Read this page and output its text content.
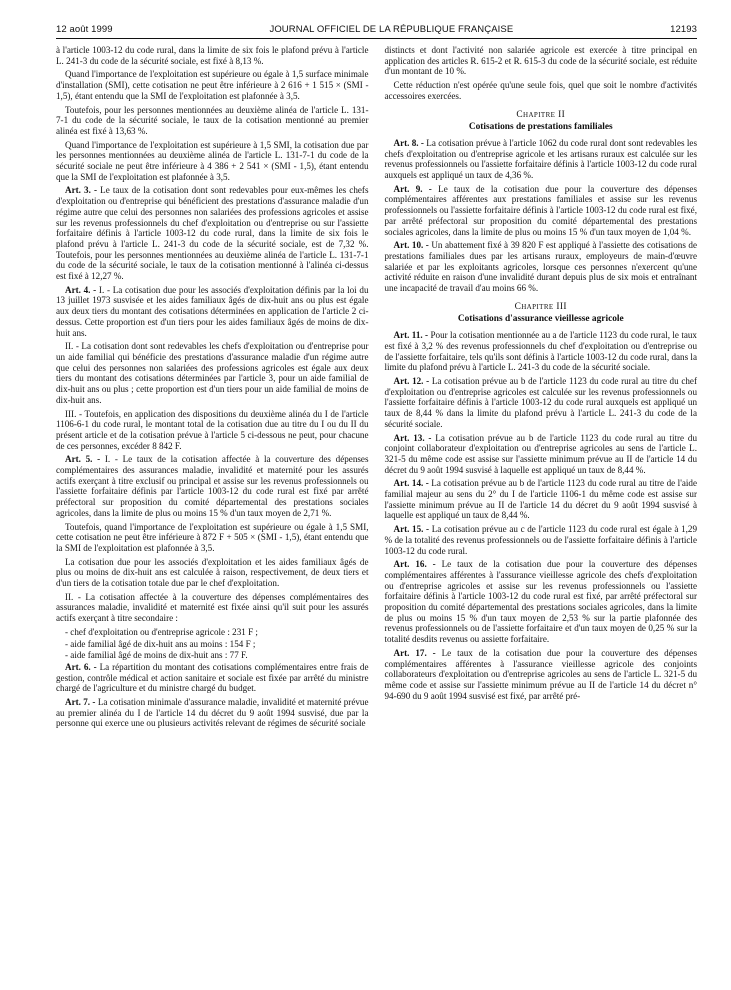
12 août 1999	JOURNAL OFFICIEL DE LA RÉPUBLIQUE FRANÇAISE	12193

à l'article 1003-12 du code rural, dans la limite de six fois le plafond prévu à l'article L. 241-3 du code de la sécurité sociale, est fixé à 8,13 %.

Quand l'importance de l'exploitation est supérieure ou égale à 1,5 surface minimale d'installation (SMI), cette cotisation ne peut être inférieure à 2 616 + 1 515 × (SMI - 1,5), étant entendu que la SMI de l'exploitation est plafonnée à 3,5.

Toutefois, pour les personnes mentionnées au deuxième alinéa de l'article L. 131-7-1 du code de la sécurité sociale, le taux de la cotisation mentionné au premier alinéa est fixé à 13,63 %.

Quand l'importance de l'exploitation est supérieure à 1,5 SMI, la cotisation due par les personnes mentionnées au deuxième alinéa de l'article L. 131-7-1 du code de la sécurité sociale ne peut être inférieure à 4 386 + 2 541 × (SMI - 1,5), étant entendu que la SMI de l'exploitation est plafonnée à 3,5.

Art. 3. - Le taux de la cotisation dont sont redevables pour eux-mêmes les chefs d'exploitation ou d'entreprise qui bénéficient des prestations d'assurance maladie d'un régime autre que celui des personnes non salariées des professions agricoles et assise sur les revenus professionnels du chef d'exploitation ou d'entreprise ou sur l'assiette forfaitaire définis à l'article 1003-12 du code rural, dans la limite de six fois le plafond prévu à l'article L. 241-3 du code de la sécurité sociale, est de 7,32 %. Toutefois, pour les personnes mentionnées au deuxième alinéa de l'article L. 131-7-1 du code de la sécurité sociale, le taux de la cotisation mentionné à l'alinéa ci-dessus est fixé à 12,27 %.

Art. 4. - I. - La cotisation due pour les associés d'exploitation définis par la loi du 13 juillet 1973 susvisée et les aides familiaux âgés de dix-huit ans ou plus est égale aux deux tiers du montant des cotisations déterminées en application de l'article 2 ci-dessus. Cette proportion est d'un tiers pour les aides familiaux âgés de moins de dix-huit ans.

II. - La cotisation dont sont redevables les chefs d'exploitation ou d'entreprise pour un aide familial qui bénéficie des prestations d'assurance maladie d'un régime autre que celui des personnes non salariées des professions agricoles est égale aux deux tiers du montant des cotisations déterminées par l'article 3, pour un aide familial de dix-huit ans ou plus ; cette proportion est d'un tiers pour un aide familial de moins de dix-huit ans.

III. - Toutefois, en application des dispositions du deuxième alinéa du I de l'article 1106-6-1 du code rural, le montant total de la cotisation due au titre du I ou du II du présent article et de la cotisation prévue à l'article 5 ci-dessous ne peut, pour chacune de ces personnes, excéder 8 842 F.

Art. 5. - I. - Le taux de la cotisation affectée à la couverture des dépenses complémentaires des assurances maladie, invalidité et maternité pour les assurés actifs exerçant à titre exclusif ou principal et assise sur les revenus professionnels ou l'assiette forfaitaire définis par l'article 1003-12 du code rural est fixé par arrêté préfectoral sur proposition du comité départemental des prestations sociales agricoles, dans la limite de plus ou moins 15 % d'un taux moyen de 2,71 %.

Toutefois, quand l'importance de l'exploitation est supérieure ou égale à 1,5 SMI, cette cotisation ne peut être inférieure à 872 F + 505 × (SMI - 1,5), étant entendu que la SMI de l'exploitation est plafonnée à 3,5.

La cotisation due pour les associés d'exploitation et les aides familiaux âgés de plus ou moins de dix-huit ans est calculée à raison, respectivement, de deux tiers et d'un tiers de la cotisation totale due par le chef d'exploitation.

II. - La cotisation affectée à la couverture des dépenses complémentaires des assurances maladie, invalidité et maternité est fixée ainsi qu'il suit pour les assurés actifs exerçant à titre secondaire :

- chef d'exploitation ou d'entreprise agricole : 231 F ;

- aide familial âgé de dix-huit ans au moins : 154 F ;

- aide familial âgé de moins de dix-huit ans : 77 F.

Art. 6. - La répartition du montant des cotisations complémentaires entre frais de gestion, contrôle médical et action sanitaire et sociale est fixée par arrêté du ministre chargé de l'agriculture et du ministre chargé du budget.

Art. 7. - La cotisation minimale d'assurance maladie, invalidité et maternité prévue au premier alinéa du I de l'article 14 du décret du 9 août 1994 susvisé, due par la personne qui exerce une ou plusieurs activités relevant de régimes de sécurité sociale

distincts et dont l'activité non salariée agricole est exercée à titre principal en application des articles R. 615-2 et R. 615-3 du code de la sécurité sociale, est réduite d'un montant de 10 %.

Cette réduction n'est opérée qu'une seule fois, quel que soit le nombre d'activités accessoires exercées.

Chapitre II
Cotisations de prestations familiales

Art. 8. - La cotisation prévue à l'article 1062 du code rural dont sont redevables les chefs d'exploitation ou d'entreprise agricole et les artisans ruraux est calculée sur les revenus professionnels ou l'assiette forfaitaire définis à l'article 1003-12 du code rural auxquels est appliqué un taux de 4,36 %.

Art. 9. - Le taux de la cotisation due pour la couverture des dépenses complémentaires afférentes aux prestations familiales et assise sur les revenus professionnels ou l'assiette forfaitaire définis à l'article 1003-12 du code rural est fixé, par arrêté préfectoral sur proposition du comité départemental des prestations sociales agricoles, dans la limite de plus ou moins 15 % d'un taux moyen de 1,04 %.

Art. 10. - Un abattement fixé à 39 820 F est appliqué à l'assiette des cotisations de prestations familiales dues par les artisans ruraux, employeurs de main-d'œuvre salariée et par les exploitants agricoles, lorsque ces personnes n'exercent qu'une activité réduite en raison d'une invalidité durant depuis plus de six mois et entraînant une incapacité de travail d'au moins 66 %.

Chapitre III
Cotisations d'assurance vieillesse agricole

Art. 11. - Pour la cotisation mentionnée au a de l'article 1123 du code rural, le taux est fixé à 3,2 % des revenus professionnels du chef d'exploitation ou d'entreprise ou de l'assiette forfaitaire, tels qu'ils sont définis à l'article 1003-12 du code rural, dans la limite du plafond prévu à l'article L. 241-3 du code de la sécurité sociale.

Art. 12. - La cotisation prévue au b de l'article 1123 du code rural au titre du chef d'exploitation ou d'entreprise agricoles est calculée sur les revenus professionnels ou l'assiette forfaitaire définis à l'article 1003-12 du code rural auxquels est appliqué un taux de 8,44 % dans la limite du plafond prévu à l'article L. 241-3 du code de la sécurité sociale.

Art. 13. - La cotisation prévue au b de l'article 1123 du code rural au titre du conjoint collaborateur d'exploitation ou d'entreprise agricoles au sens de l'article L. 321-5 du même code est assise sur l'assiette minimum prévue au II de l'article 14 du décret du 9 août 1994 susvisé à laquelle est appliqué un taux de 8,44 %.

Art. 14. - La cotisation prévue au b de l'article 1123 du code rural au titre de l'aide familial majeur au sens du 2° du I de l'article 1106-1 du même code est assise sur l'assiette minimum prévue au II de l'article 14 du décret du 9 août 1994 susvisé à laquelle est appliqué un taux de 8,44 %.

Art. 15. - La cotisation prévue au c de l'article 1123 du code rural est égale à 1,29 % de la totalité des revenus professionnels ou de l'assiette forfaitaire définis à l'article 1003-12 du code rural.

Art. 16. - Le taux de la cotisation due pour la couverture des dépenses complémentaires afférentes à l'assurance vieillesse agricole des chefs d'exploitation ou d'entreprise agricoles et assise sur les revenus professionnels ou l'assiette forfaitaire définis à l'article 1003-12 du code rural est fixé, par arrêté préfectoral sur proposition du comité départemental des prestations sociales agricoles, dans la limite de plus ou moins 15 % d'un taux moyen de 2,53 % sur la partie plafonnée des revenus professionnels ou de l'assiette forfaitaire et d'un taux moyen de 0,25 % sur la totalité desdits revenus ou assiette forfaitaire.

Art. 17. - Le taux de la cotisation due pour la couverture des dépenses complémentaires afférentes à l'assurance vieillesse agricole des conjoints collaborateurs d'exploitation ou d'entreprise agricoles au sens de l'article L. 321-5 du même code et assise sur l'assiette minimum prévue au II de l'article 14 du décret n° 94-690 du 9 août 1994 susvisé est fixé, par arrêté pré-
